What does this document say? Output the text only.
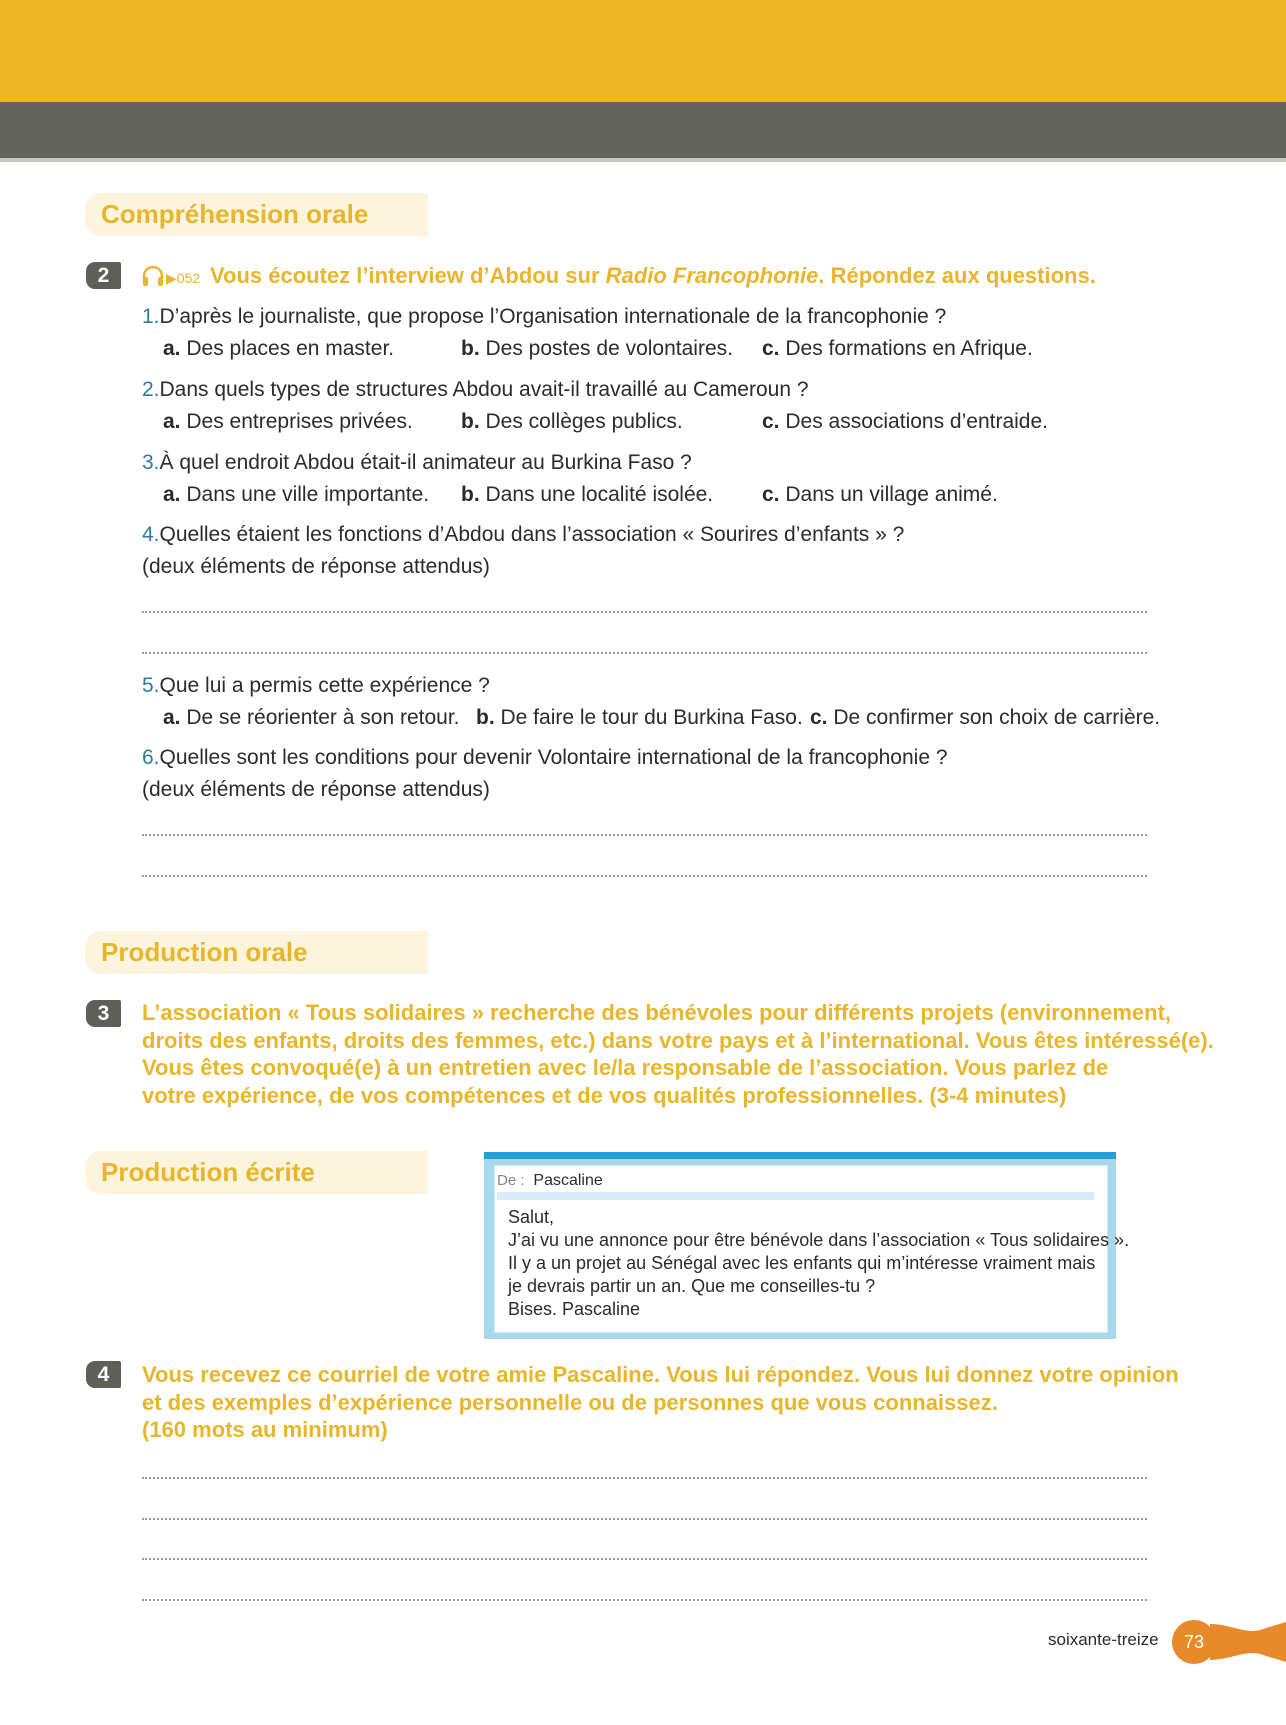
Compréhension orale
2	▶052 Vous écoutez l’interview d’Abdou sur Radio Francophonie. Répondez aux questions.
1.D’après le journaliste, que propose l’Organisation internationale de la francophonie ?
a. Des places en master.	b. Des postes de volontaires. c. Des formations en Afrique.
2.Dans quels types de structures Abdou avait-il travaillé au Cameroun ?
a. Des entreprises privées. b. Des collèges publics.	c. Des associations d’entraide.
3.À quel endroit Abdou était-il animateur au Burkina Faso ?
a. Dans une ville importante. b. Dans une localité isolée. c. Dans un village animé.
4.Quelles étaient les fonctions d’Abdou dans l’association « Sourires d’enfants » ?
(deux éléments de réponse attendus)
5.Que lui a permis cette expérience ?
a. De se réorienter à son retour. b. De faire le tour du Burkina Faso. c. De confirmer son choix de carrière.
6.Quelles sont les conditions pour devenir Volontaire international de la francophonie ?
(deux éléments de réponse attendus)
Production orale
3	L’association « Tous solidaires » recherche des bénévoles pour différents projets (environnement,
droits des enfants, droits des femmes, etc.) dans votre pays et à l’international. Vous êtes intéressé(e).
Vous êtes convoqué(e) à un entretien avec le/la responsable de l’association. Vous parlez de
votre expérience, de vos compétences et de vos qualités professionnelles. (3-4 minutes)
Production écrite	De : Pascaline
Salut,
J’ai vu une annonce pour être bénévole dans l’association « Tous solidaires ».
Il y a un projet au Sénégal avec les enfants qui m’intéresse vraiment mais
je devrais partir un an. Que me conseilles-tu ?
Bises. Pascaline
4	Vous recevez ce courriel de votre amie Pascaline. Vous lui répondez. Vous lui donnez votre opinion
et des exemples d’expérience personnelle ou de personnes que vous connaissez.
(160 mots au minimum)
soixante-treize	73
